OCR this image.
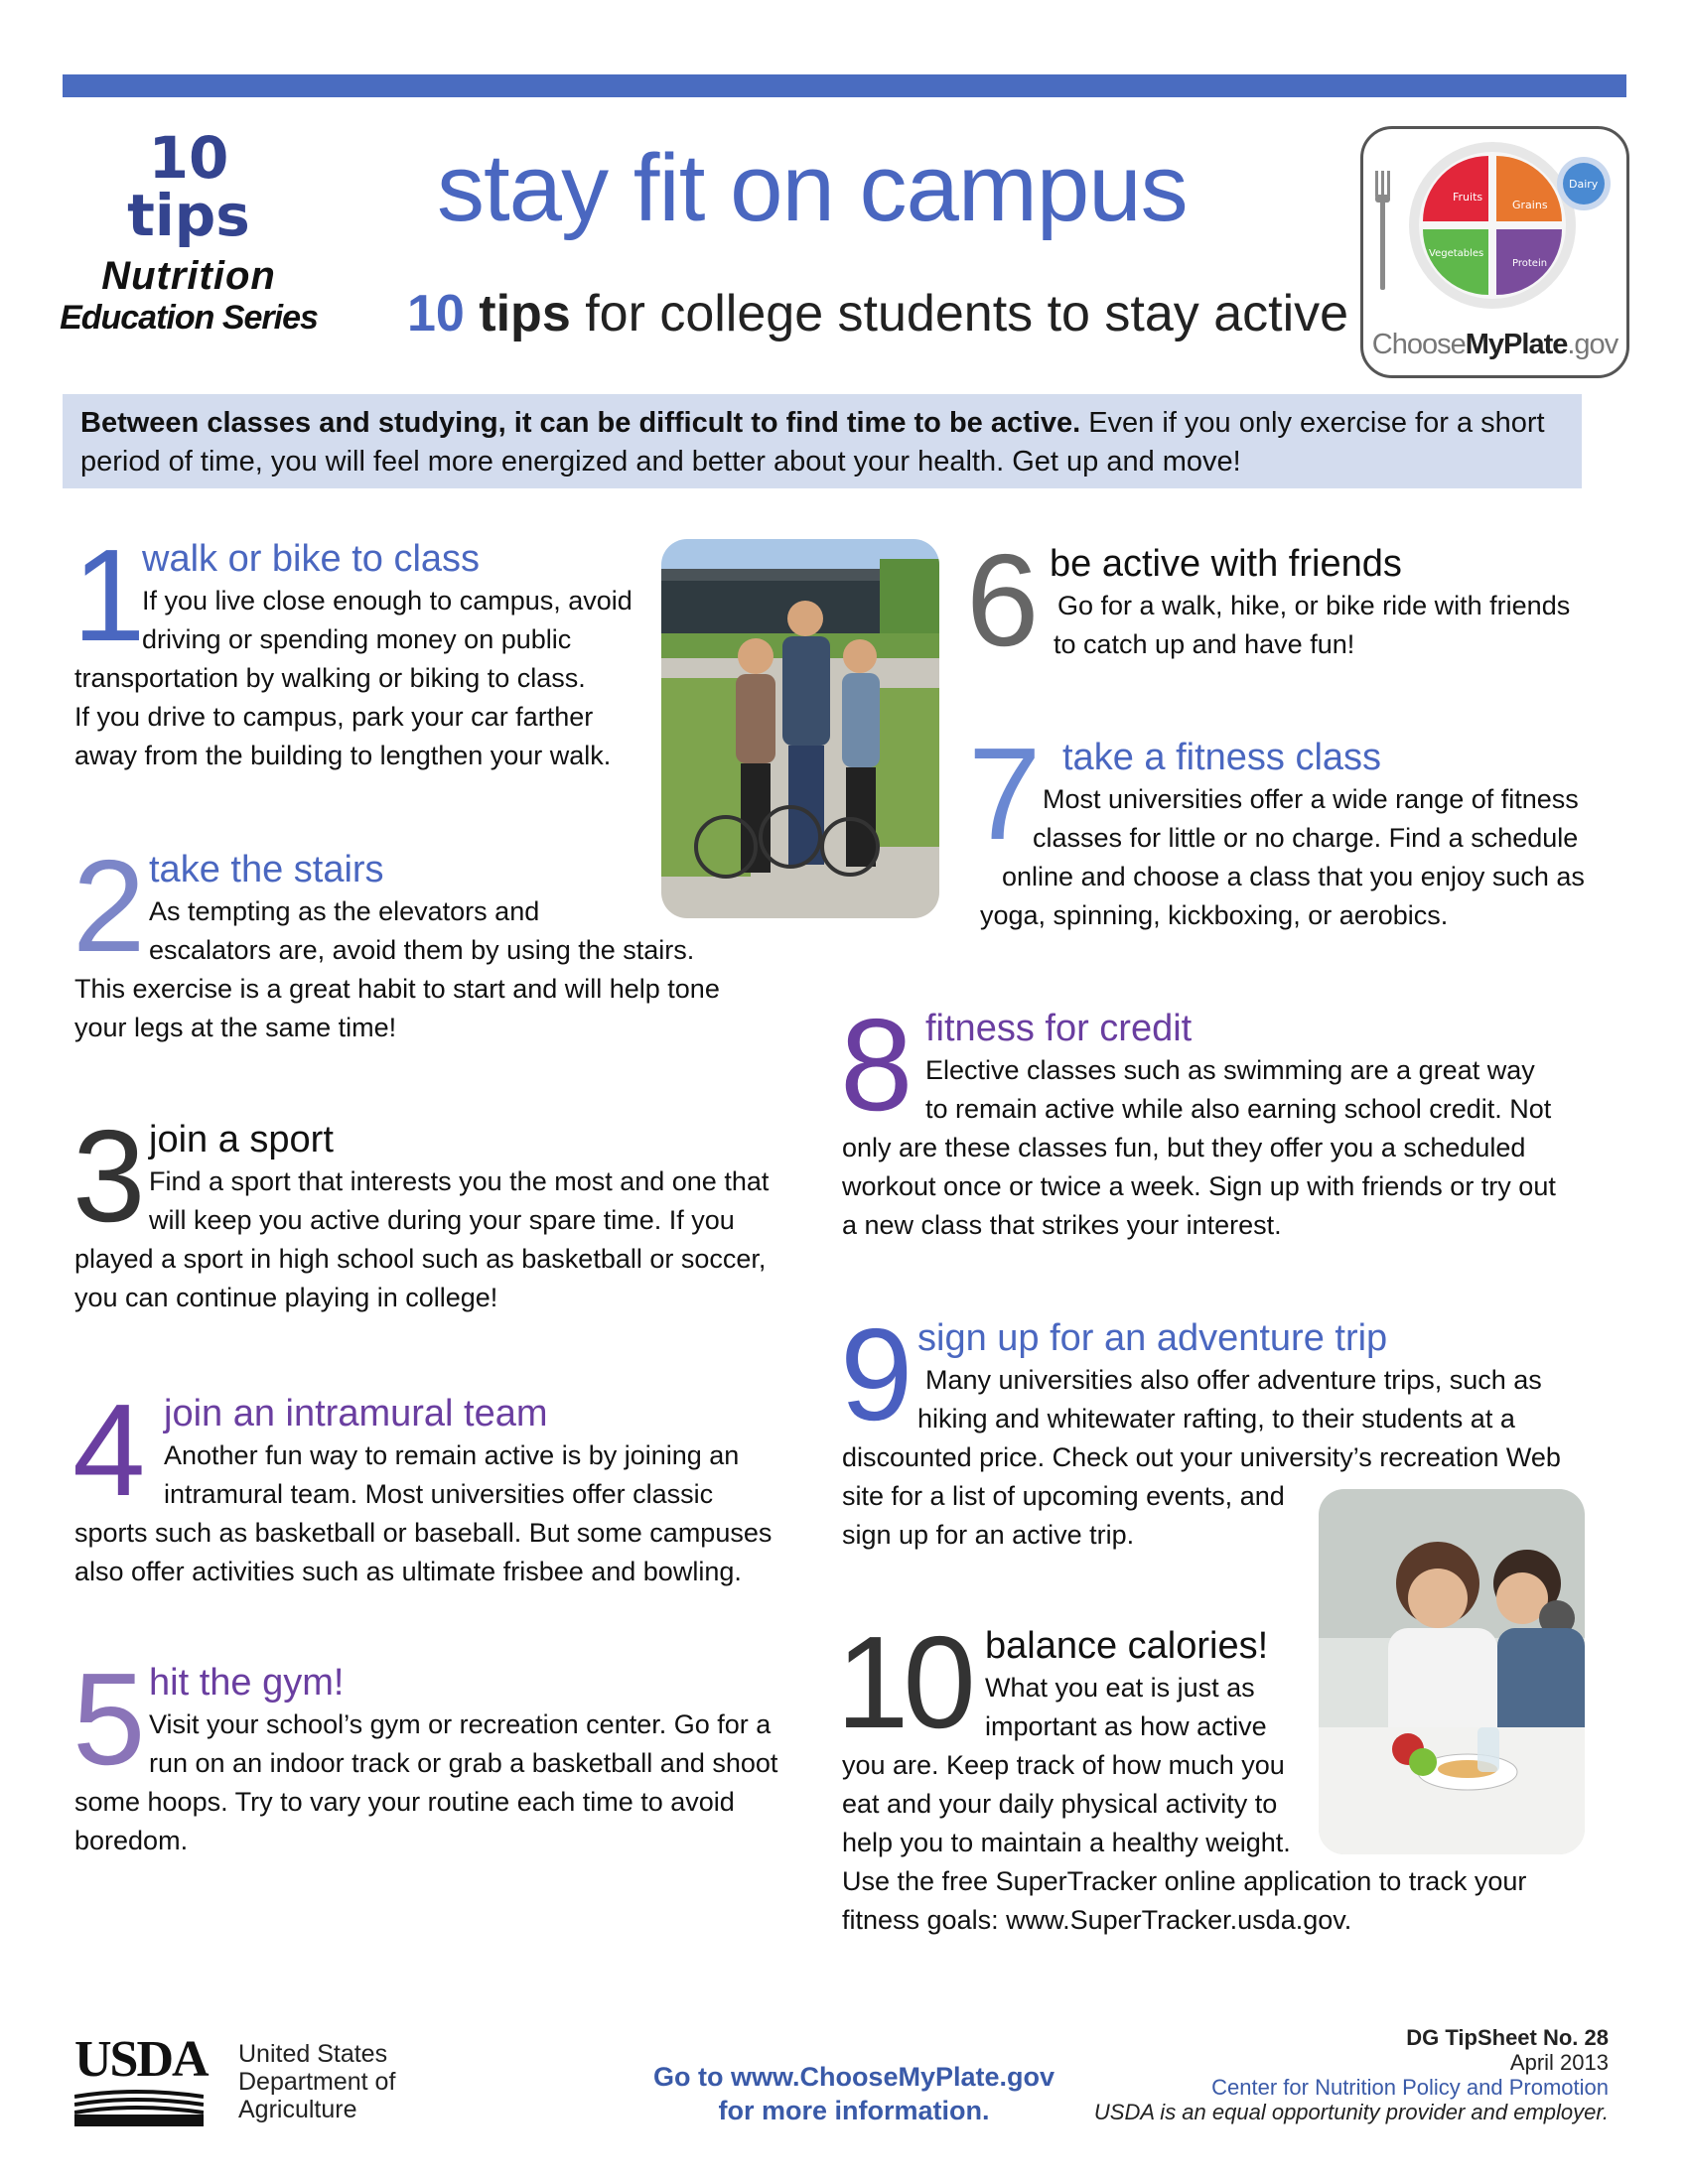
10
tips
Nutrition
Education Series
stay fit on campus
10 tips for college students to stay active
Fruits
Grains
Vegetables
Protein
Dairy
ChooseMyPlate.gov
Between classes and studying, it can be difficult to find time to be active. Even if you only exercise for a short period of time, you will feel more energized and better about your health. Get up and move!
1
walk or bike to class
If you live close enough to campus, avoid
driving or spending money on public
transportation by walking or biking to class.
If you drive to campus, park your car farther
away from the building to lengthen your walk.
2 take the stairs
As tempting as the elevators and
escalators are, avoid them by using the stairs.
This exercise is a great habit to start and will help tone
your legs at the same time!
3 join a sport
Find a sport that interests you the most and one that
will keep you active during your spare time. If you
played a sport in high school such as basketball or soccer,
you can continue playing in college!
4 join an intramural team
Another fun way to remain active is by joining an
intramural team. Most universities offer classic
sports such as basketball or baseball. But some campuses
also offer activities such as ultimate frisbee and bowling.
5 hit the gym!
Visit your school’s gym or recreation center. Go for a
run on an indoor track or grab a basketball and shoot
some hoops. Try to vary your routine each time to avoid
boredom.
6 be active with friends
Go for a walk, hike, or bike ride with friends
to catch up and have fun!
7 take a fitness class
Most universities offer a wide range of fitness
classes for little or no charge. Find a schedule
online and choose a class that you enjoy such as
yoga, spinning, kickboxing, or aerobics.
8 fitness for credit
Elective classes such as swimming are a great way
to remain active while also earning school credit. Not
only are these classes fun, but they offer you a scheduled
workout once or twice a week. Sign up with friends or try out
a new class that strikes your interest.
9 sign up for an adventure trip
Many universities also offer adventure trips, such as
hiking and whitewater rafting, to their students at a
discounted price. Check out your university’s recreation Web
site for a list of upcoming events, and
sign up for an active trip.
10 balance calories!
What you eat is just as
important as how active
you are. Keep track of how much you
eat and your daily physical activity to
help you to maintain a healthy weight.
Use the free SuperTracker online application to track your
fitness goals: www.SuperTracker.usda.gov.
USDA United States
Department of
Agriculture
Go to www.ChooseMyPlate.gov
for more information.
DG TipSheet No. 28
April 2013
Center for Nutrition Policy and Promotion
USDA is an equal opportunity provider and employer.
